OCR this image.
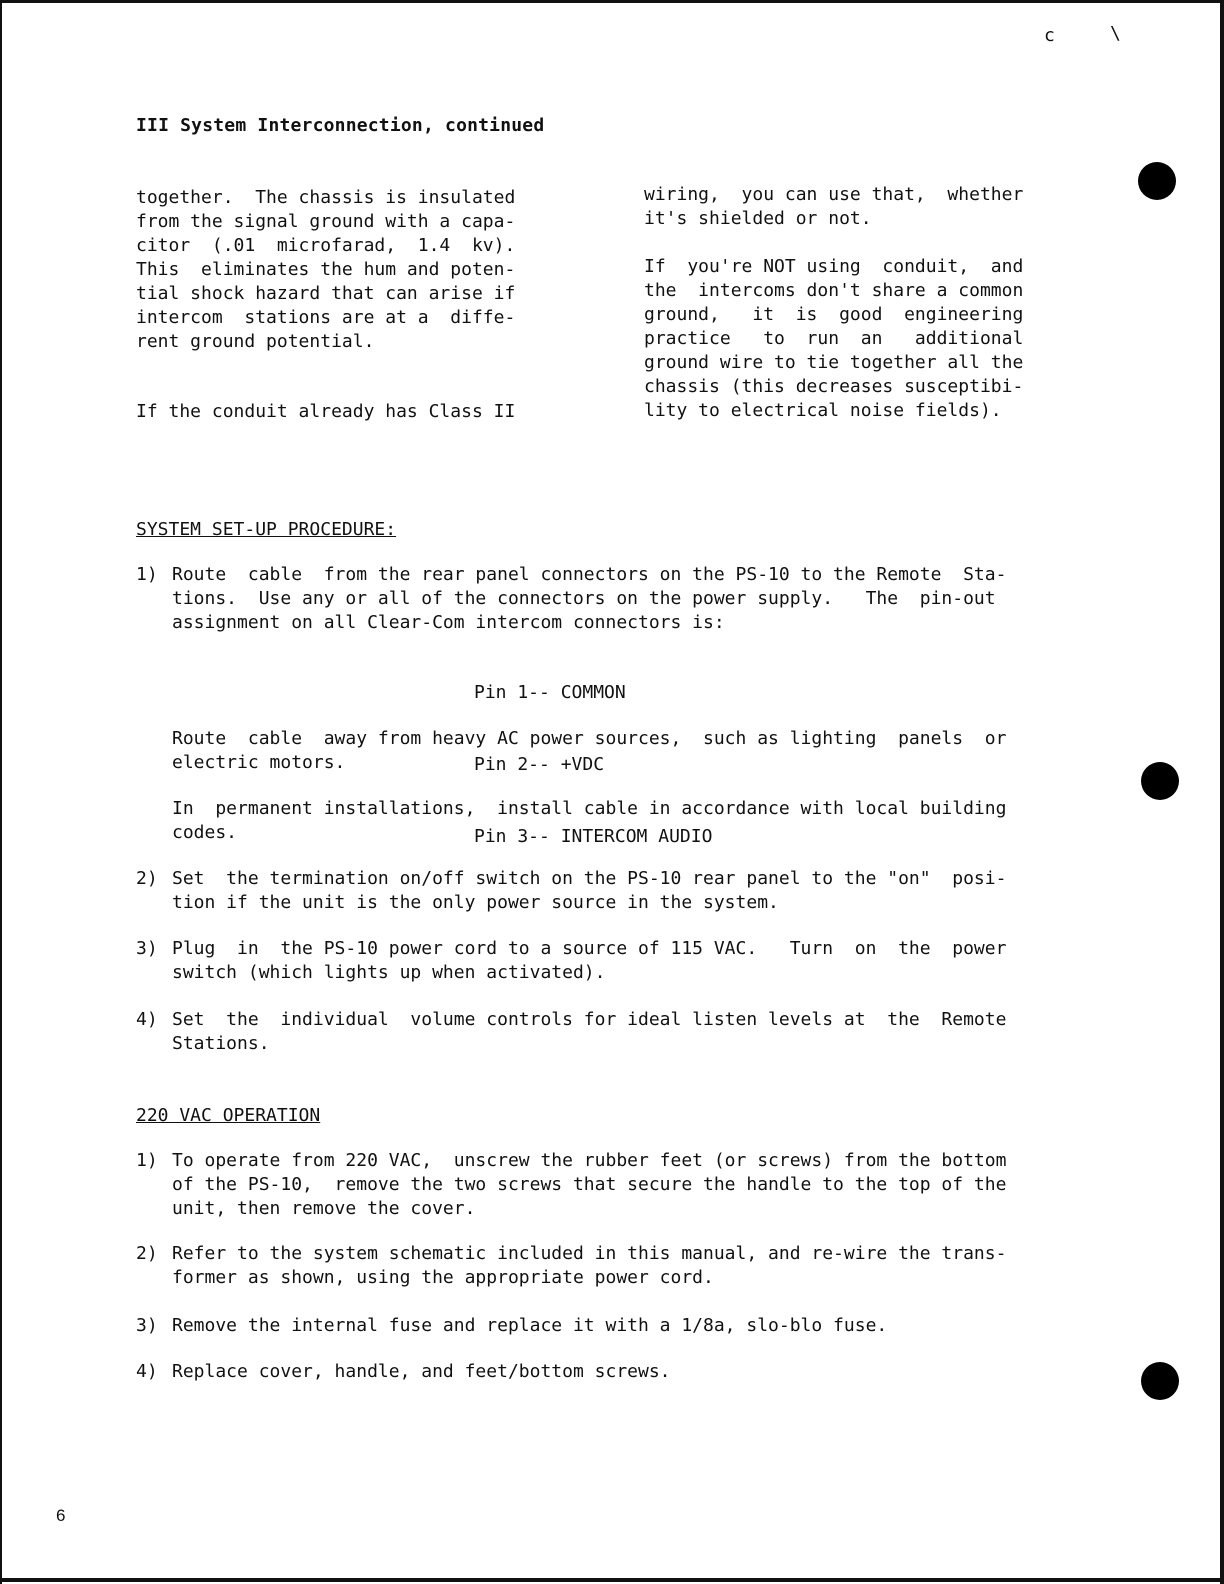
c	\
III System Interconnection, continued

together.  The chassis is insulated
from the signal ground with a capa-
citor  (.01  microfarad,  1.4  kv).
This  eliminates the hum and poten-
tial shock hazard that can arise if
intercom  stations are at a  diffe-
rent ground potential.

If the conduit already has Class II

wiring,  you can use that,  whether
it's shielded or not.

If  you're NOT using  conduit,  and
the  intercoms don't share a common
ground,   it  is  good  engineering
practice   to  run  an   additional
ground wire to tie together all the
chassis (this decreases susceptibi-
lity to electrical noise fields).

SYSTEM SET-UP PROCEDURE:
1) Route  cable  from the rear panel connectors on the PS-10 to the Remote  Sta-
tions.  Use any or all of the connectors on the power supply.   The  pin-out
assignment on all Clear-Com intercom connectors is:

Pin 1-- COMMON

Pin 2-- +VDC

Pin 3-- INTERCOM AUDIO

Route  cable  away from heavy AC power sources,  such as lighting  panels  or
electric motors.
In  permanent installations,  install cable in accordance with local building
codes.
2) Set  the termination on/off switch on the PS-10 rear panel to the "on"  posi-
tion if the unit is the only power source in the system.
3) Plug  in  the PS-10 power cord to a source of 115 VAC.   Turn  on  the  power
switch (which lights up when activated).
4) Set  the  individual  volume controls for ideal listen levels at  the  Remote
Stations.
220 VAC OPERATION
1) To operate from 220 VAC,  unscrew the rubber feet (or screws) from the bottom
of the PS-10,  remove the two screws that secure the handle to the top of the
unit, then remove the cover.
2) Refer to the system schematic included in this manual, and re-wire the trans-
former as shown, using the appropriate power cord.
3) Remove the internal fuse and replace it with a 1/8a, slo-blo fuse.
4) Replace cover, handle, and feet/bottom screws.
6
